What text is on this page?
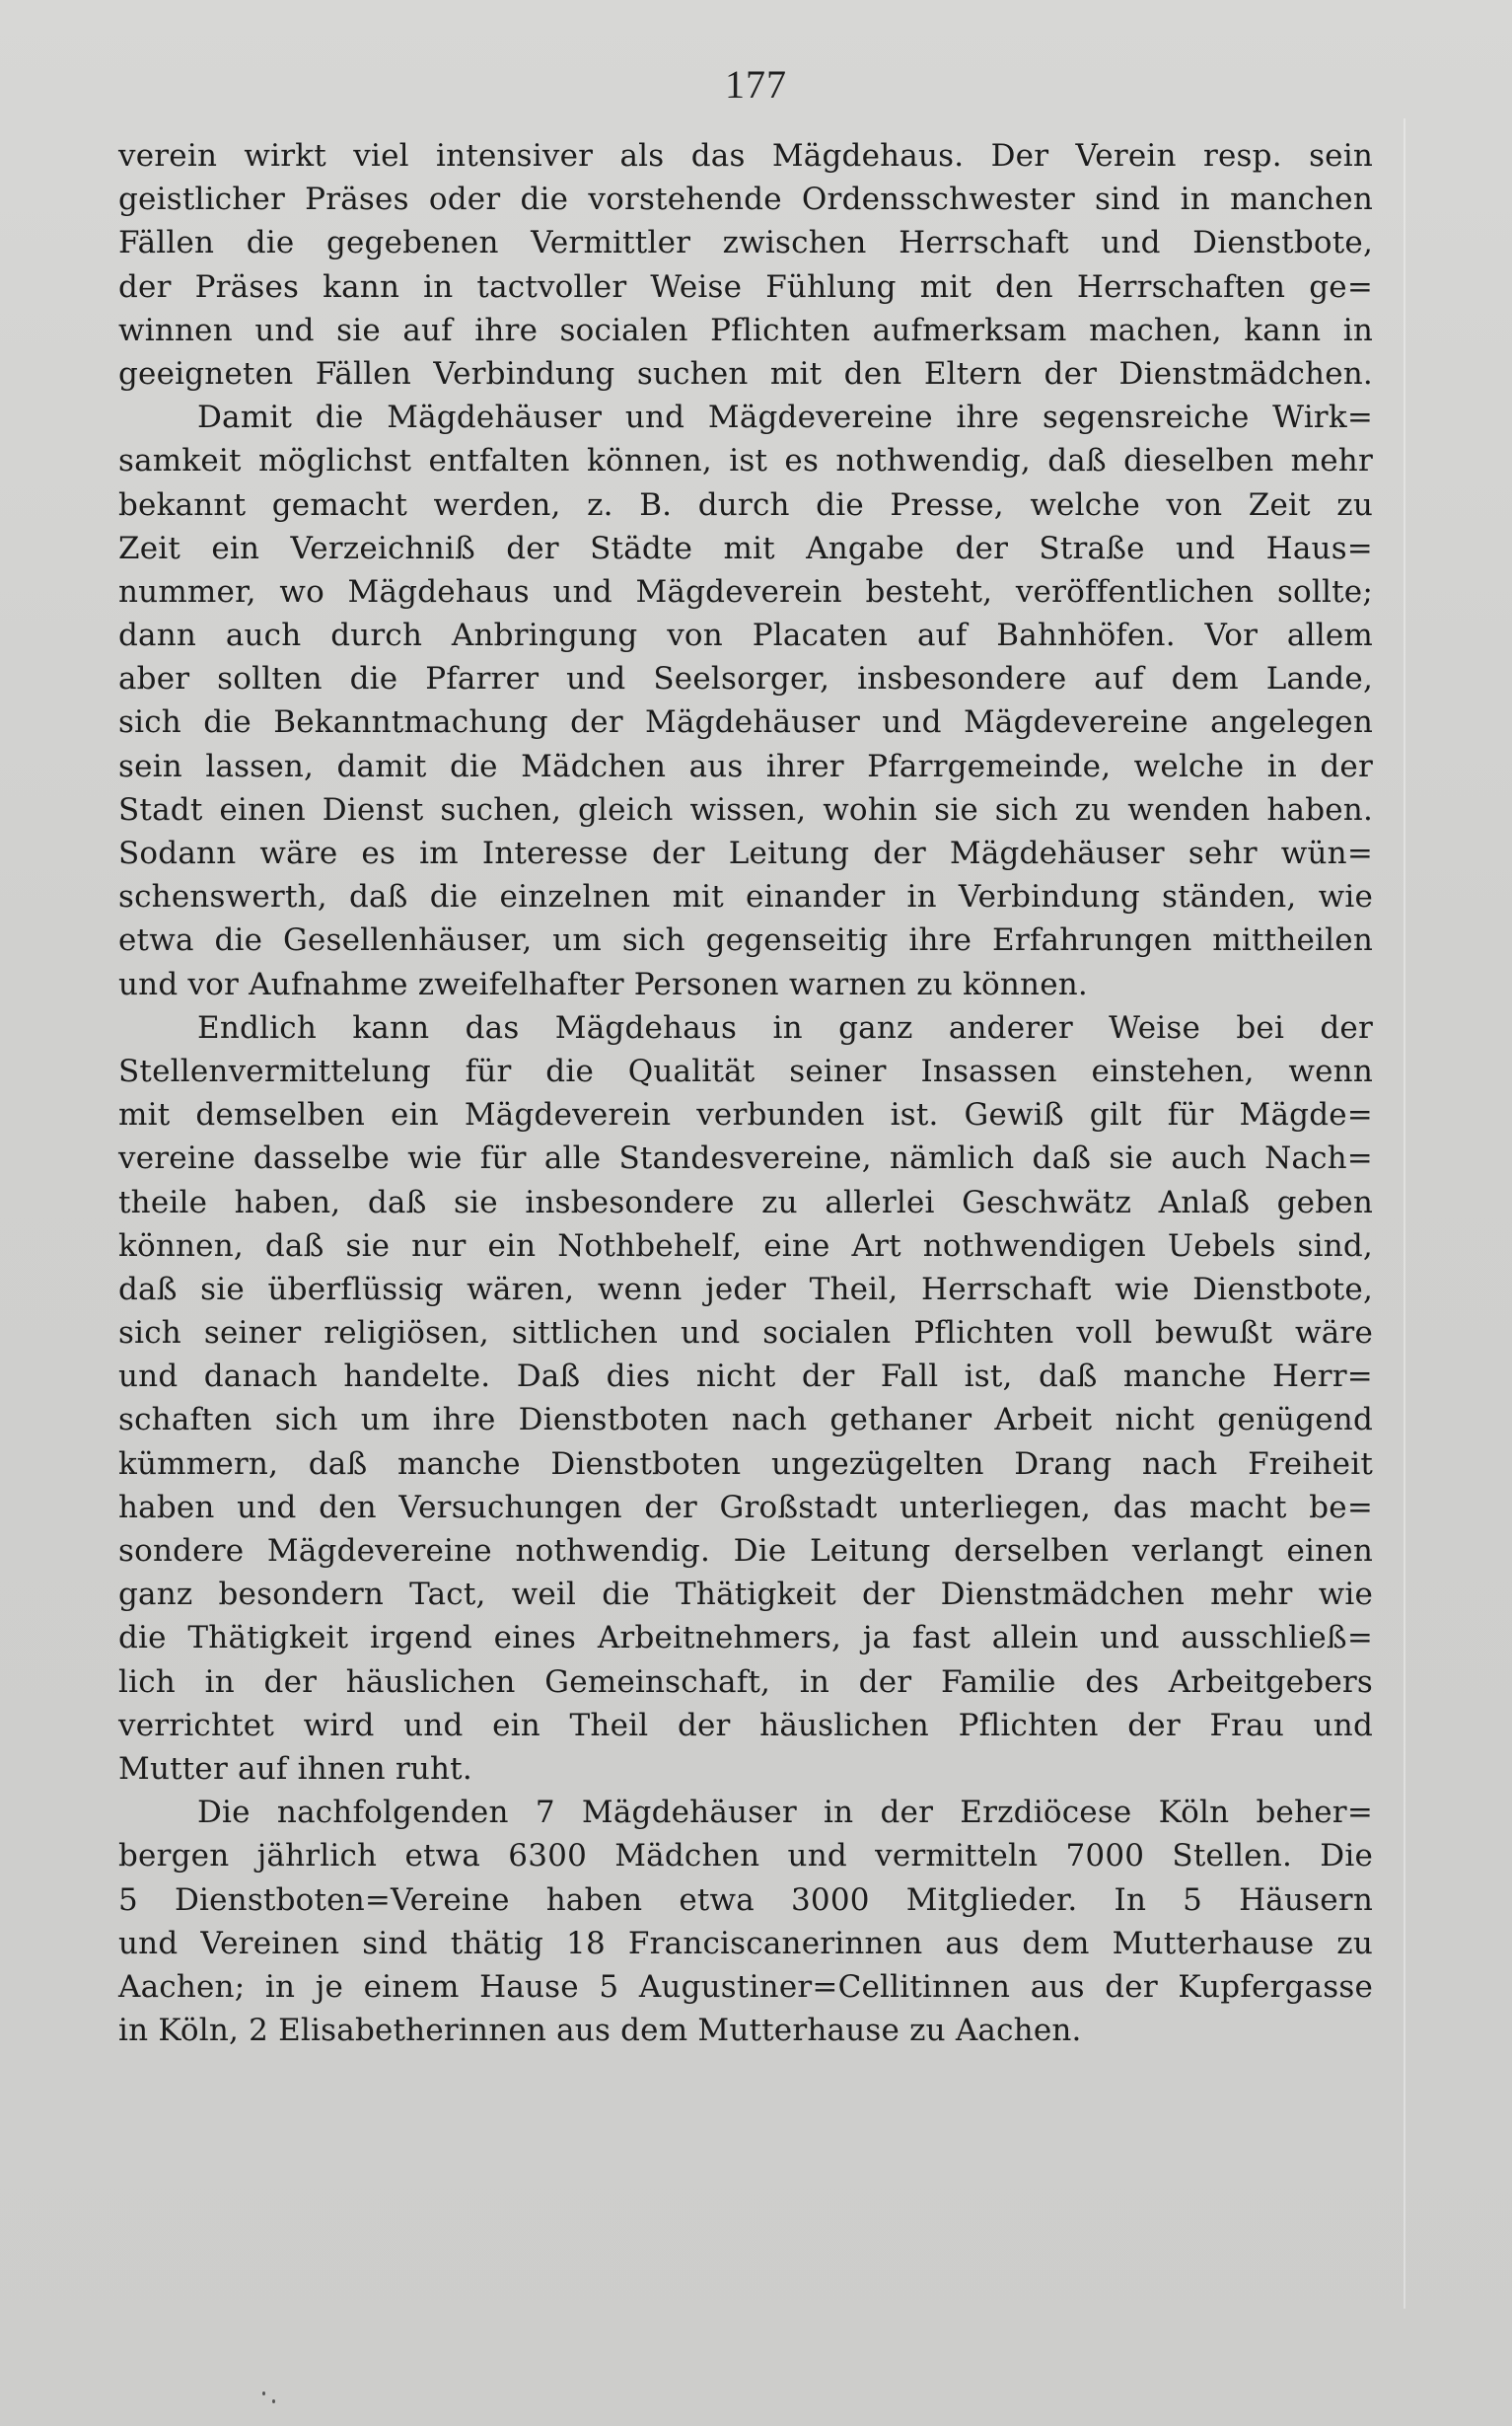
177
verein wirkt viel intensiver als das Mägdehaus. Der Verein resp. sein
geistlicher Präses oder die vorstehende Ordensschwester sind in manchen
Fällen die gegebenen Vermittler zwischen Herrschaft und Dienstbote,
der Präses kann in tactvoller Weise Fühlung mit den Herrschaften ge=
winnen und sie auf ihre socialen Pflichten aufmerksam machen, kann in
geeigneten Fällen Verbindung suchen mit den Eltern der Dienstmädchen.
Damit die Mägdehäuser und Mägdevereine ihre segensreiche Wirk=
samkeit möglichst entfalten können, ist es nothwendig, daß dieselben mehr
bekannt gemacht werden, z. B. durch die Presse, welche von Zeit zu
Zeit ein Verzeichniß der Städte mit Angabe der Straße und Haus=
nummer, wo Mägdehaus und Mägdeverein besteht, veröffentlichen sollte;
dann auch durch Anbringung von Placaten auf Bahnhöfen. Vor allem
aber sollten die Pfarrer und Seelsorger, insbesondere auf dem Lande,
sich die Bekanntmachung der Mägdehäuser und Mägdevereine angelegen
sein lassen, damit die Mädchen aus ihrer Pfarrgemeinde, welche in der
Stadt einen Dienst suchen, gleich wissen, wohin sie sich zu wenden haben.
Sodann wäre es im Interesse der Leitung der Mägdehäuser sehr wün=
schenswerth, daß die einzelnen mit einander in Verbindung ständen, wie
etwa die Gesellenhäuser, um sich gegenseitig ihre Erfahrungen mittheilen
und vor Aufnahme zweifelhafter Personen warnen zu können.
Endlich kann das Mägdehaus in ganz anderer Weise bei der
Stellenvermittelung für die Qualität seiner Insassen einstehen, wenn
mit demselben ein Mägdeverein verbunden ist. Gewiß gilt für Mägde=
vereine dasselbe wie für alle Standesvereine, nämlich daß sie auch Nach=
theile haben, daß sie insbesondere zu allerlei Geschwätz Anlaß geben
können, daß sie nur ein Nothbehelf, eine Art nothwendigen Uebels sind,
daß sie überflüssig wären, wenn jeder Theil, Herrschaft wie Dienstbote,
sich seiner religiösen, sittlichen und socialen Pflichten voll bewußt wäre
und danach handelte. Daß dies nicht der Fall ist, daß manche Herr=
schaften sich um ihre Dienstboten nach gethaner Arbeit nicht genügend
kümmern, daß manche Dienstboten ungezügelten Drang nach Freiheit
haben und den Versuchungen der Großstadt unterliegen, das macht be=
sondere Mägdevereine nothwendig. Die Leitung derselben verlangt einen
ganz besondern Tact, weil die Thätigkeit der Dienstmädchen mehr wie
die Thätigkeit irgend eines Arbeitnehmers, ja fast allein und ausschließ=
lich in der häuslichen Gemeinschaft, in der Familie des Arbeitgebers
verrichtet wird und ein Theil der häuslichen Pflichten der Frau und
Mutter auf ihnen ruht.
Die nachfolgenden 7 Mägdehäuser in der Erzdiöcese Köln beher=
bergen jährlich etwa 6300 Mädchen und vermitteln 7000 Stellen. Die
5 Dienstboten=Vereine haben etwa 3000 Mitglieder. In 5 Häusern
und Vereinen sind thätig 18 Franciscanerinnen aus dem Mutterhause zu
Aachen; in je einem Hause 5 Augustiner=Cellitinnen aus der Kupfergasse
in Köln, 2 Elisabetherinnen aus dem Mutterhause zu Aachen.
